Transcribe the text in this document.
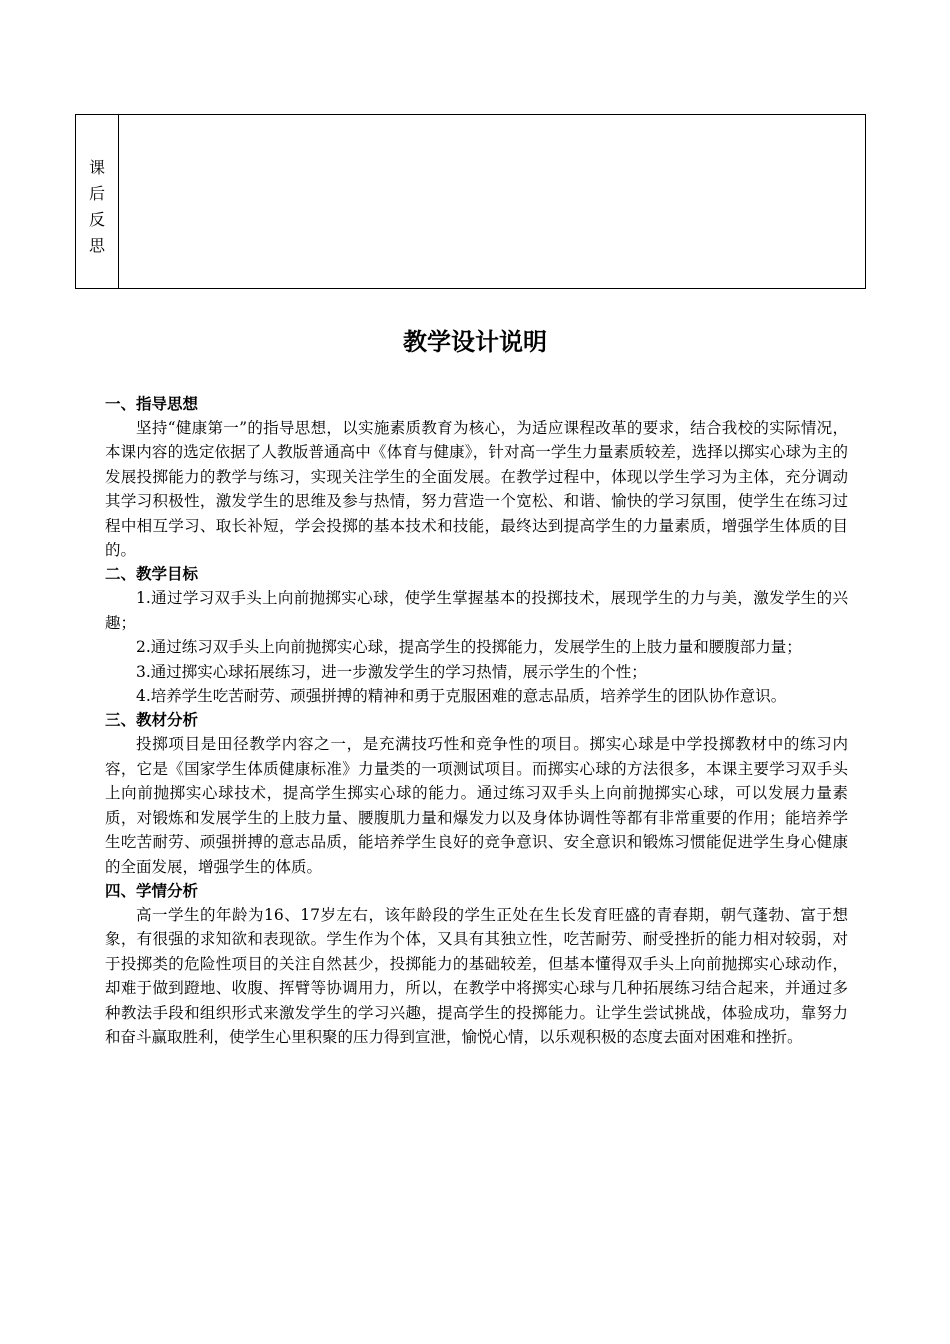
课
后
反
思
教学设计说明

一、指导思想

坚持“健康第一”的指导思想，以实施素质教育为核心，为适应课程改革的要求，结合我校的实际情况，本课内容的选定依据了人教版普通高中《体育与健康》，针对高一学生力量素质较差，选择以掷实心球为主的发展投掷能力的教学与练习，实现关注学生的全面发展。在教学过程中，体现以学生学习为主体，充分调动其学习积极性，激发学生的思维及参与热情，努力营造一个宽松、和谐、愉快的学习氛围，使学生在练习过程中相互学习、取长补短，学会投掷的基本技术和技能，最终达到提高学生的力量素质，增强学生体质的目的。

二、教学目标

1.通过学习双手头上向前抛掷实心球，使学生掌握基本的投掷技术，展现学生的力与美，激发学生的兴趣；

2.通过练习双手头上向前抛掷实心球，提高学生的投掷能力，发展学生的上肢力量和腰腹部力量；

3.通过掷实心球拓展练习，进一步激发学生的学习热情，展示学生的个性；

4.培养学生吃苦耐劳、顽强拼搏的精神和勇于克服困难的意志品质，培养学生的团队协作意识。

三、教材分析

投掷项目是田径教学内容之一，是充满技巧性和竞争性的项目。掷实心球是中学投掷教材中的练习内容，它是《国家学生体质健康标准》力量类的一项测试项目。而掷实心球的方法很多，本课主要学习双手头上向前抛掷实心球技术，提高学生掷实心球的能力。通过练习双手头上向前抛掷实心球，可以发展力量素质，对锻炼和发展学生的上肢力量、腰腹肌力量和爆发力以及身体协调性等都有非常重要的作用；能培养学生吃苦耐劳、顽强拼搏的意志品质，能培养学生良好的竞争意识、安全意识和锻炼习惯能促进学生身心健康的全面发展，增强学生的体质。

四、学情分析

高一学生的年龄为16、17岁左右，该年龄段的学生正处在生长发育旺盛的青春期，朝气蓬勃、富于想象，有很强的求知欲和表现欲。学生作为个体，又具有其独立性，吃苦耐劳、耐受挫折的能力相对较弱，对于投掷类的危险性项目的关注自然甚少，投掷能力的基础较差，但基本懂得双手头上向前抛掷实心球动作，却难于做到蹬地、收腹、挥臂等协调用力，所以，在教学中将掷实心球与几种拓展练习结合起来，并通过多种教法手段和组织形式来激发学生的学习兴趣，提高学生的投掷能力。让学生尝试挑战，体验成功，靠努力和奋斗赢取胜利，使学生心里积聚的压力得到宣泄，愉悦心情，以乐观积极的态度去面对困难和挫折。
